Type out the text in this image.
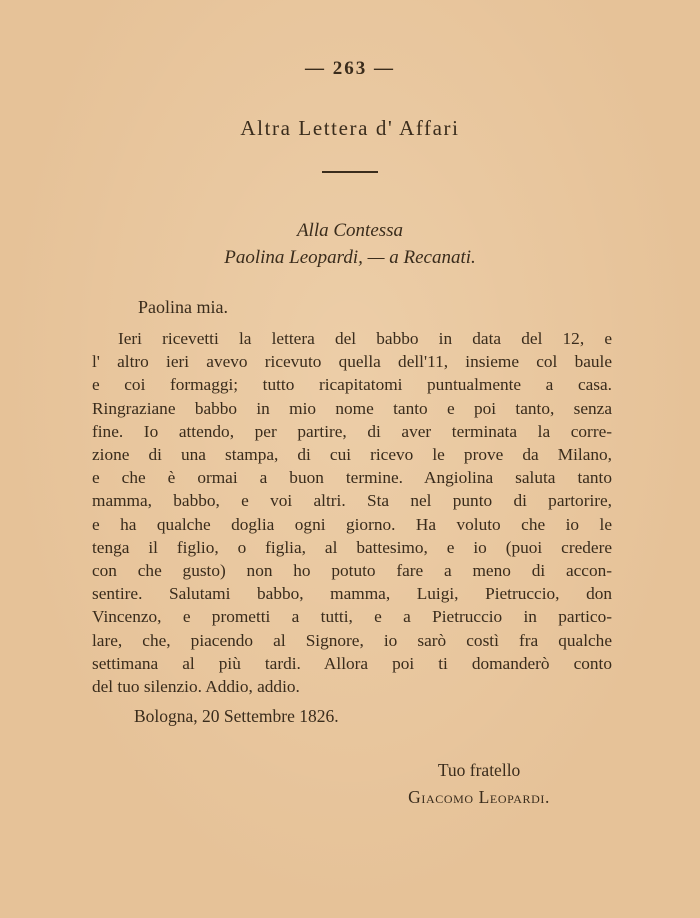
— 263 —
Altra Lettera d' Affari
Alla Contessa
Paolina Leopardi, — a Recanati.
Paolina mia.
Ieri ricevetti la lettera del babbo in data del 12, e
l' altro ieri avevo ricevuto quella dell'11, insieme col baule
e coi formaggi; tutto ricapitatomi puntualmente a casa.
Ringraziane babbo in mio nome tanto e poi tanto, senza
fine. Io attendo, per partire, di aver terminata la corre-
zione di una stampa, di cui ricevo le prove da Milano,
e che è ormai a buon termine. Angiolina saluta tanto
mamma, babbo, e voi altri. Sta nel punto di partorire,
e ha qualche doglia ogni giorno. Ha voluto che io le
tenga il figlio, o figlia, al battesimo, e io (puoi credere
con che gusto) non ho potuto fare a meno di accon-
sentire. Salutami babbo, mamma, Luigi, Pietruccio, don
Vincenzo, e prometti a tutti, e a Pietruccio in partico-
lare, che, piacendo al Signore, io sarò costì fra qualche
settimana al più tardi. Allora poi ti domanderò conto
del tuo silenzio. Addio, addio.
Bologna, 20 Settembre 1826.
Tuo fratello
Giacomo Leopardi.
